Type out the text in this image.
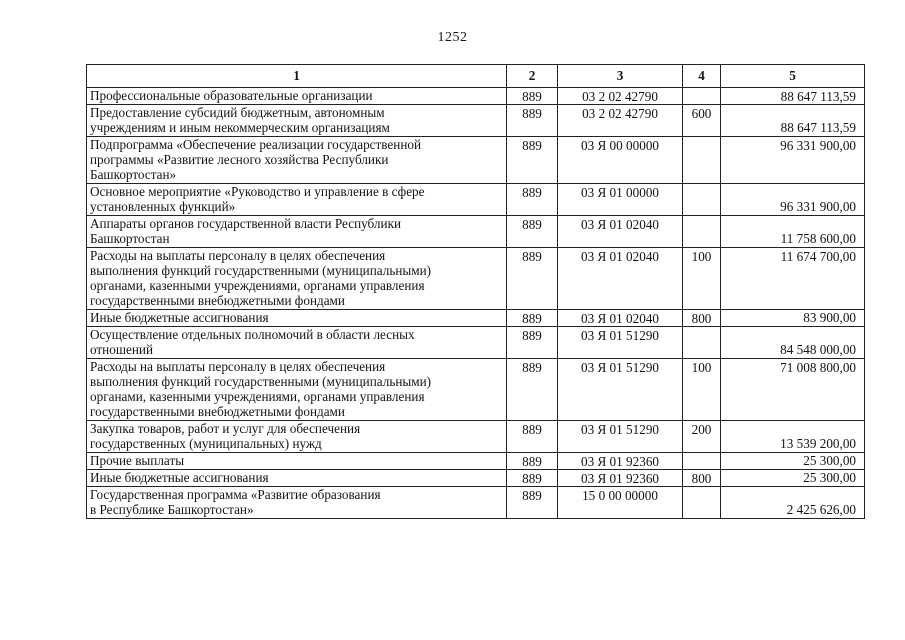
1252
1	2	3	4	5

Профессиональные образовательные организации	889	03 2 02 42790		88 647 113,59

Предоставление субсидий бюджетным, автономным
учреждениям и иным некоммерческим организациям	889	03 2 02 42790	600	88 647 113,59

Подпрограмма «Обеспечение реализации государственной
программы «Развитие лесного хозяйства Республики
Башкортостан»	889	03 Я 00 00000		96 331 900,00

Основное мероприятие «Руководство и управление в сфере
установленных функций»	889	03 Я 01 00000		96 331 900,00

Аппараты органов государственной власти Республики
Башкортостан	889	03 Я 01 02040		11 758 600,00

Расходы на выплаты персоналу в целях обеспечения
выполнения функций государственными (муниципальными)
органами, казенными учреждениями, органами управления
государственными внебюджетными фондами	889	03 Я 01 02040	100	11 674 700,00

Иные бюджетные ассигнования	889	03 Я 01 02040	800	83 900,00

Осуществление отдельных полномочий в области лесных
отношений	889	03 Я 01 51290		84 548 000,00

Расходы на выплаты персоналу в целях обеспечения
выполнения функций государственными (муниципальными)
органами, казенными учреждениями, органами управления
государственными внебюджетными фондами	889	03 Я 01 51290	100	71 008 800,00

Закупка товаров, работ и услуг для обеспечения
государственных (муниципальных) нужд	889	03 Я 01 51290	200	13 539 200,00

Прочие выплаты	889	03 Я 01 92360		25 300,00

Иные бюджетные ассигнования	889	03 Я 01 92360	800	25 300,00

Государственная программа «Развитие образования
в Республике Башкортостан»	889	15 0 00 00000		2 425 626,00
